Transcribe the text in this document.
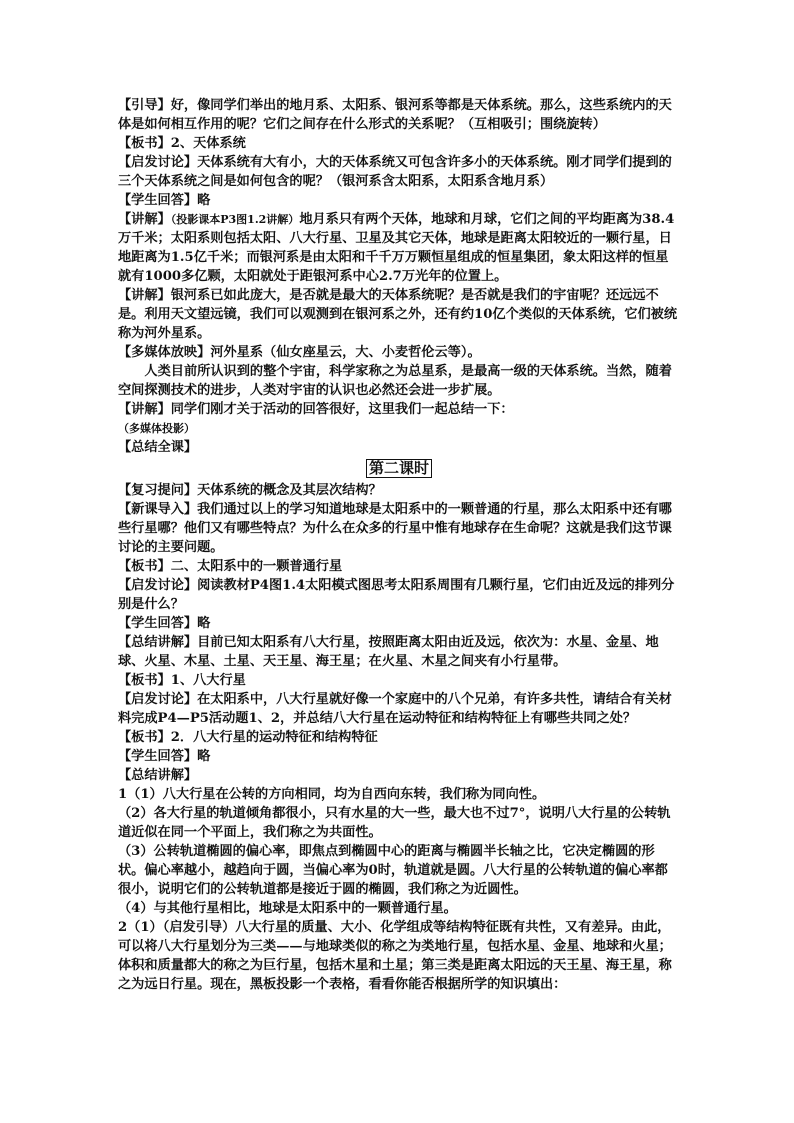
【引导】好，像同学们举出的地月系、太阳系、银河系等都是天体系统。那么，这些系统内的天体是如何相互作用的呢？它们之间存在什么形式的关系呢？（互相吸引；围绕旋转）
【板书】2、天体系统
【启发讨论】天体系统有大有小，大的天体系统又可包含许多小的天体系统。刚才同学们提到的三个天体系统之间是如何包含的呢？（银河系含太阳系，太阳系含地月系）
【学生回答】略
【讲解】（投影课本P3图1.2讲解）地月系只有两个天体，地球和月球，它们之间的平均距离为38.4万千米；太阳系则包括太阳、八大行星、卫星及其它天体，地球是距离太阳较近的一颗行星，日地距离为1.5亿千米；而银河系是由太阳和千千万万颗恒星组成的恒星集团，象太阳这样的恒星就有1000多亿颗，太阳就处于距银河系中心2.7万光年的位置上。
【讲解】银河系已如此庞大，是否就是最大的天体系统呢？是否就是我们的宇宙呢？还远远不是。利用天文望远镜，我们可以观测到在银河系之外，还有约10亿个类似的天体系统，它们被统称为河外星系。
【多媒体放映】河外星系（仙女座星云，大、小麦哲伦云等）。
人类目前所认识到的整个宇宙，科学家称之为总星系，是最高一级的天体系统。当然，随着空间探测技术的进步，人类对宇宙的认识也必然还会进一步扩展。
【讲解】同学们刚才关于活动的回答很好，这里我们一起总结一下：
（多媒体投影）
【总结全课】
第二课时
【复习提问】天体系统的概念及其层次结构？
【新课导入】我们通过以上的学习知道地球是太阳系中的一颗普通的行星，那么太阳系中还有哪些行星哪？他们又有哪些特点？为什么在众多的行星中惟有地球存在生命呢？这就是我们这节课讨论的主要问题。
【板书】二、太阳系中的一颗普通行星
【启发讨论】阅读教材P4图1.4太阳模式图思考太阳系周围有几颗行星，它们由近及远的排列分别是什么？
【学生回答】略
【总结讲解】目前已知太阳系有八大行星，按照距离太阳由近及远，依次为：水星、金星、地球、火星、木星、土星、天王星、海王星；在火星、木星之间夹有小行星带。
【板书】1、八大行星
【启发讨论】在太阳系中，八大行星就好像一个家庭中的八个兄弟，有许多共性，请结合有关材料完成P4—P5活动题1、2，并总结八大行星在运动特征和结构特征上有哪些共同之处？
【板书】2．八大行星的运动特征和结构特征
【学生回答】略
【总结讲解】
1（1）八大行星在公转的方向相同，均为自西向东转，我们称为同向性。
（2）各大行星的轨道倾角都很小，只有水星的大一些，最大也不过7°，说明八大行星的公转轨道近似在同一个平面上，我们称之为共面性。
（3）公转轨道椭圆的偏心率，即焦点到椭圆中心的距离与椭圆半长轴之比，它决定椭圆的形状。偏心率越小，越趋向于圆，当偏心率为0时，轨道就是圆。八大行星的公转轨道的偏心率都很小，说明它们的公转轨道都是接近于圆的椭圆，我们称之为近圆性。
（4）与其他行星相比，地球是太阳系中的一颗普通行星。
2（1）（启发引导）八大行星的质量、大小、化学组成等结构特征既有共性，又有差异。由此，可以将八大行星划分为三类——与地球类似的称之为类地行星，包括水星、金星、地球和火星；体积和质量都大的称之为巨行星，包括木星和土星；第三类是距离太阳远的天王星、海王星，称之为远日行星。现在，黑板投影一个表格，看看你能否根据所学的知识填出：
